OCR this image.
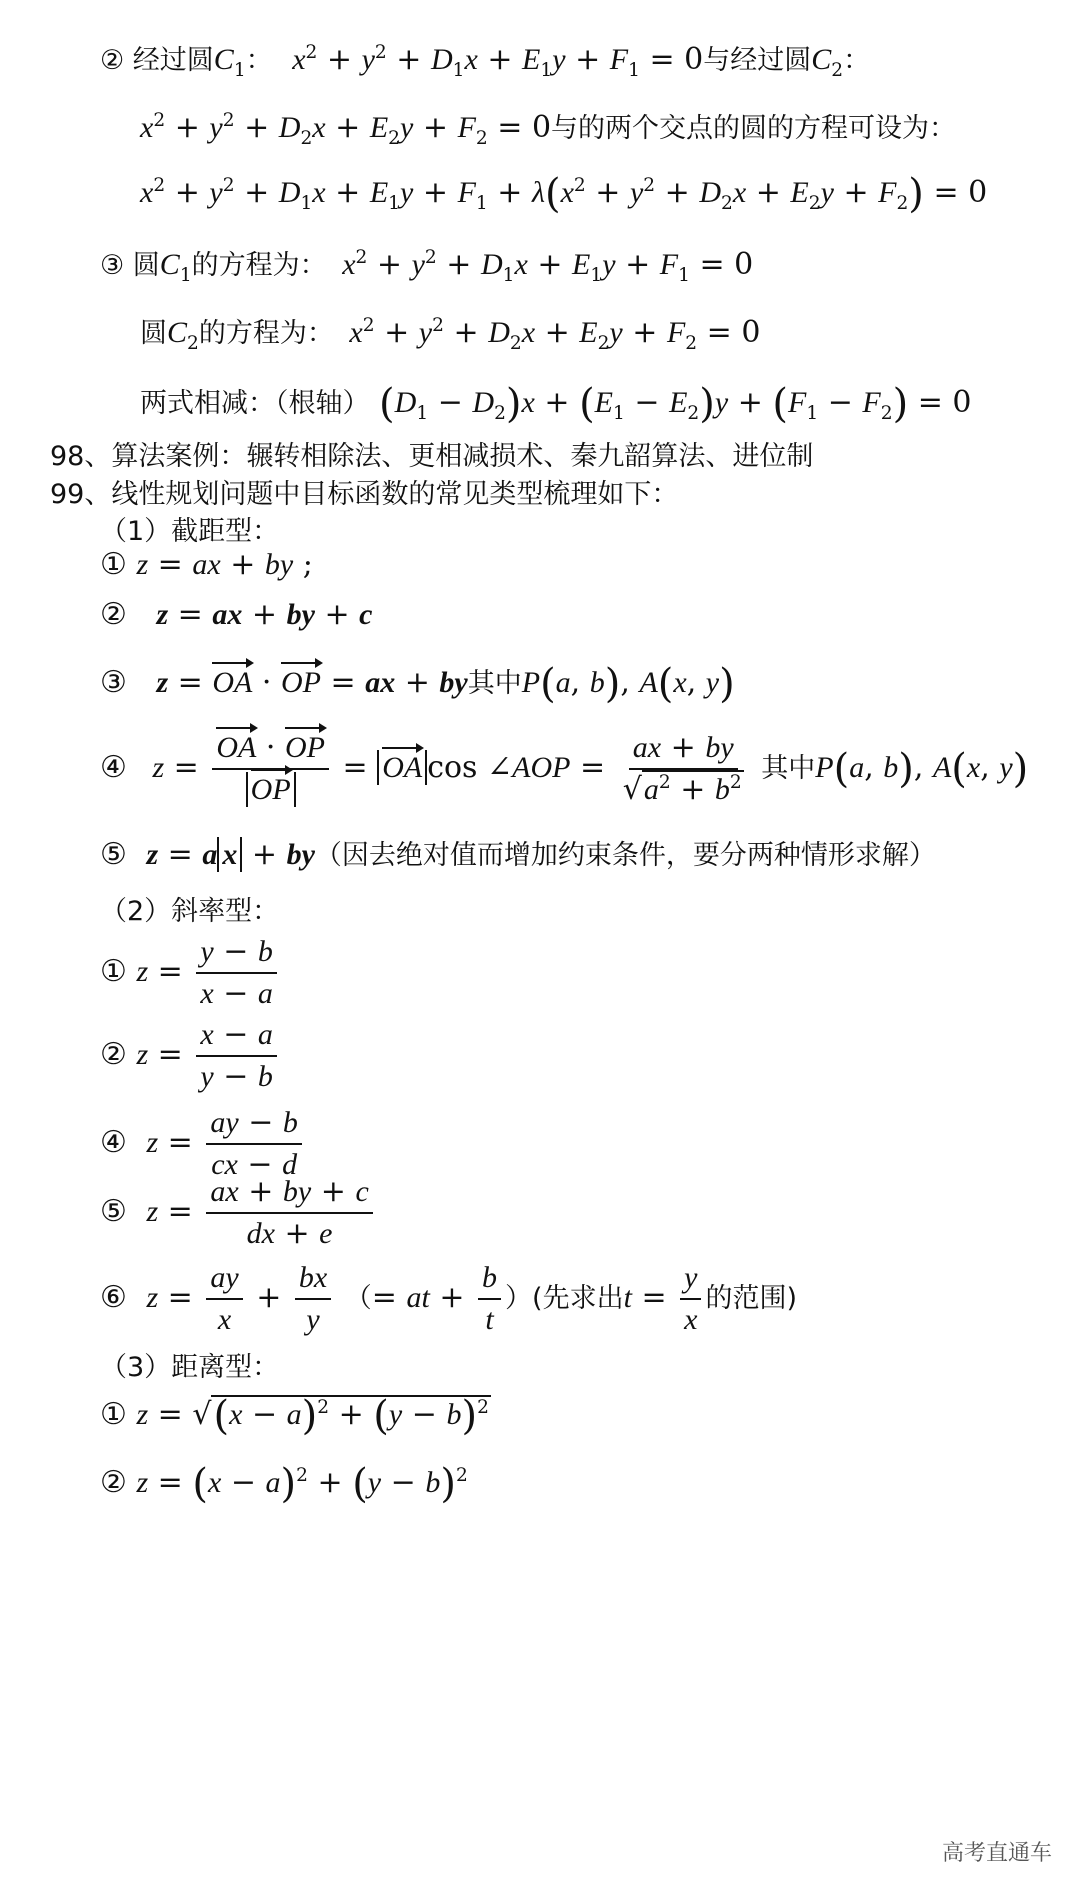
② 经过圆$C_1$： $x^2 + y^2 + D_1x + E_1y + F_1 = 0$与经过圆$C_2$：
$x^2 + y^2 + D_2x + E_2y + F_2 = 0$与的两个交点的圆的方程可设为：
$x^2 + y^2 + D_1x + E_1y + F_1 + \lambda(x^2 + y^2 + D_2x + E_2y + F_2) = 0$
③ 圆$C_1$的方程为： $x^2 + y^2 + D_1x + E_1y + F_1 = 0$
圆$C_2$的方程为： $x^2 + y^2 + D_2x + E_2y + F_2 = 0$
两式相减：（根轴） $(D_1 - D_2)x + (E_1 - E_2)y + (F_1 - F_2) = 0$
98、算法案例：辗转相除法、更相减损术、秦九韶算法、进位制
99、线性规划问题中目标函数的常见类型梳理如下：
（1）截距型：
① z = ax + by ;
② z = ax + by + c
③ z = OA · OP = ax + by其中P(a, b), A(x, y)
④ $z = \frac{OA \cdot OP}{OP}$ = OA cos ∠AOP = $\frac{ax + by}{√a^2 + b^2}$ 其中P(a, b), A(x, y)
⑤ z = a x + by（因去绝对值而增加约束条件，要分两种情形求解）
（2）斜率型：
① $z = \frac{y - b}{x - a}$
② $z = \frac{x - a}{y - b}$
④ $z = \frac{ay - b}{cx - d}$
⑤ $z = \frac{ax + by + c}{dx + e}$
⑥ $z = \frac{ay}{x} + \frac{bx}{y}$ （= at + $\frac{b}{t}$ ）(先求出$t = \frac{y}{x}$ 的范围)
（3）距离型：
① $z = √(x - a)^2 + (y - b)^2$
② $z = (x - a)^2 + (y - b)^2$
高考直通车
